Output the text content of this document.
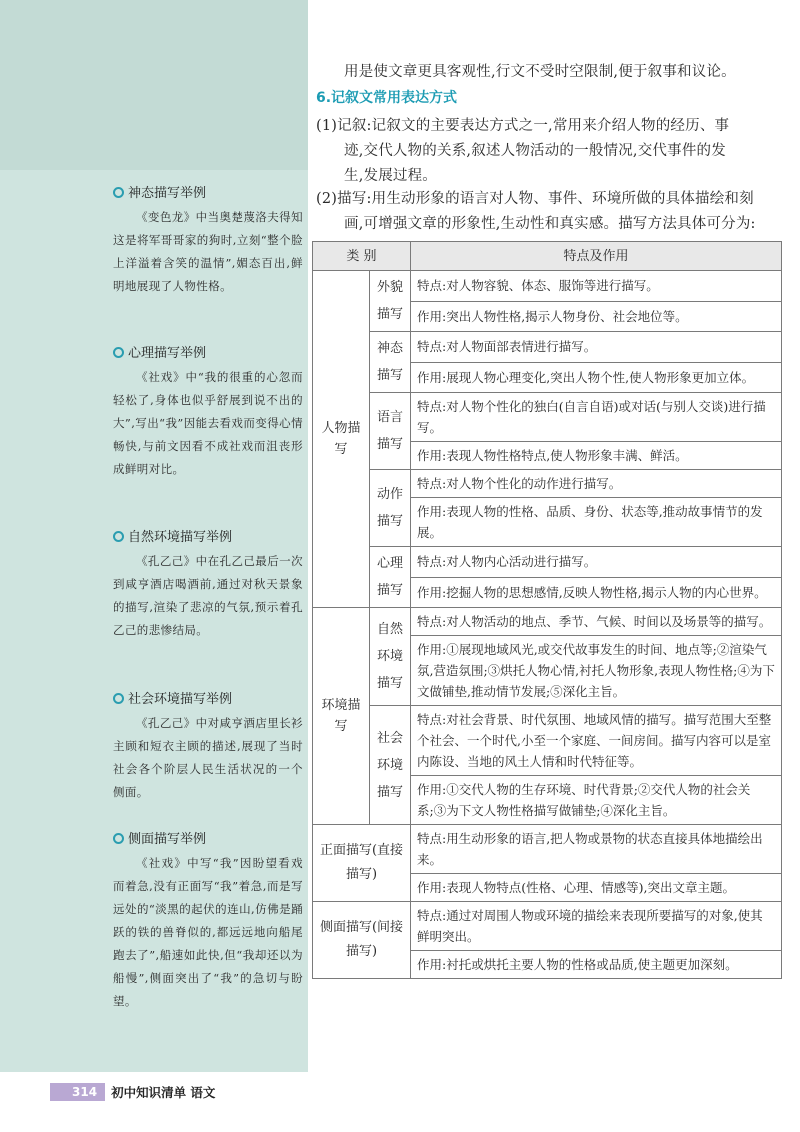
神态描写举例

《变色龙》中当奥楚蔑洛夫得知这是将军哥哥家的狗时,立刻“整个脸上洋溢着含笑的温情”,媚态百出,鲜明地展现了人物性格。

心理描写举例

《社戏》中“我的很重的心忽而轻松了,身体也似乎舒展到说不出的大”,写出“我”因能去看戏而变得心情畅快,与前文因看不成社戏而沮丧形成鲜明对比。

自然环境描写举例

《孔乙己》中在孔乙己最后一次到咸亨酒店喝酒前,通过对秋天景象的描写,渲染了悲凉的气氛,预示着孔乙己的悲惨结局。

社会环境描写举例

《孔乙己》中对咸亨酒店里长衫主顾和短衣主顾的描述,展现了当时社会各个阶层人民生活状况的一个侧面。

侧面描写举例

《社戏》中写“我”因盼望看戏而着急,没有正面写“我”着急,而是写远处的“淡黑的起伏的连山,仿佛是踊跃的铁的兽脊似的,都远远地向船尾跑去了”,船速如此快,但“我却还以为船慢”,侧面突出了“我”的急切与盼望。

用是使文章更具客观性,行文不受时空限制,便于叙事和议论。
6.记叙文常用表达方式
(1)记叙:记叙文的主要表达方式之一,常用来介绍人物的经历、事
迹,交代人物的关系,叙述人物活动的一般情况,交代事件的发
生,发展过程。
(2)描写:用生动形象的语言对人物、事件、环境所做的具体描绘和刻
画,可增强文章的形象性,生动性和真实感。描写方法具体可分为:
类 别		特点及作用
人物描写	外貌描写	特点:对人物容貌、体态、服饰等进行描写。
		作用:突出人物性格,揭示人物身份、社会地位等。
	神态描写	特点:对人物面部表情进行描写。
		作用:展现人物心理变化,突出人物个性,使人物形象更加立体。
	语言描写	特点:对人物个性化的独白(自言自语)或对话(与别人交谈)进行描写。
		作用:表现人物性格特点,使人物形象丰满、鲜活。
	动作描写	特点:对人物个性化的动作进行描写。
		作用:表现人物的性格、品质、身份、状态等,推动故事情节的发展。
	心理描写	特点:对人物内心活动进行描写。
		作用:挖掘人物的思想感情,反映人物性格,揭示人物的内心世界。
环境描写	自然环境描写	特点:对人物活动的地点、季节、气候、时间以及场景等的描写。
		作用:①展现地域风光,或交代故事发生的时间、地点等;②渲染气氛,营造氛围;③烘托人物心情,衬托人物形象,表现人物性格;④为下文做铺垫,推动情节发展;⑤深化主旨。
	社会环境描写	特点:对社会背景、时代氛围、地域风情的描写。描写范围大至整个社会、一个时代,小至一个家庭、一间房间。描写内容可以是室内陈设、当地的风土人情和时代特征等。
		作用:①交代人物的生存环境、时代背景;②交代人物的社会关系;③为下文人物性格描写做铺垫;④深化主旨。
正面描写(直接描写)		特点:用生动形象的语言,把人物或景物的状态直接具体地描绘出来。
		作用:表现人物特点(性格、心理、情感等),突出文章主题。
侧面描写(间接描写)		特点:通过对周围人物或环境的描绘来表现所要描写的对象,使其鲜明突出。
		作用:衬托或烘托主要人物的性格或品质,使主题更加深刻。
314	初中知识清单 语文
